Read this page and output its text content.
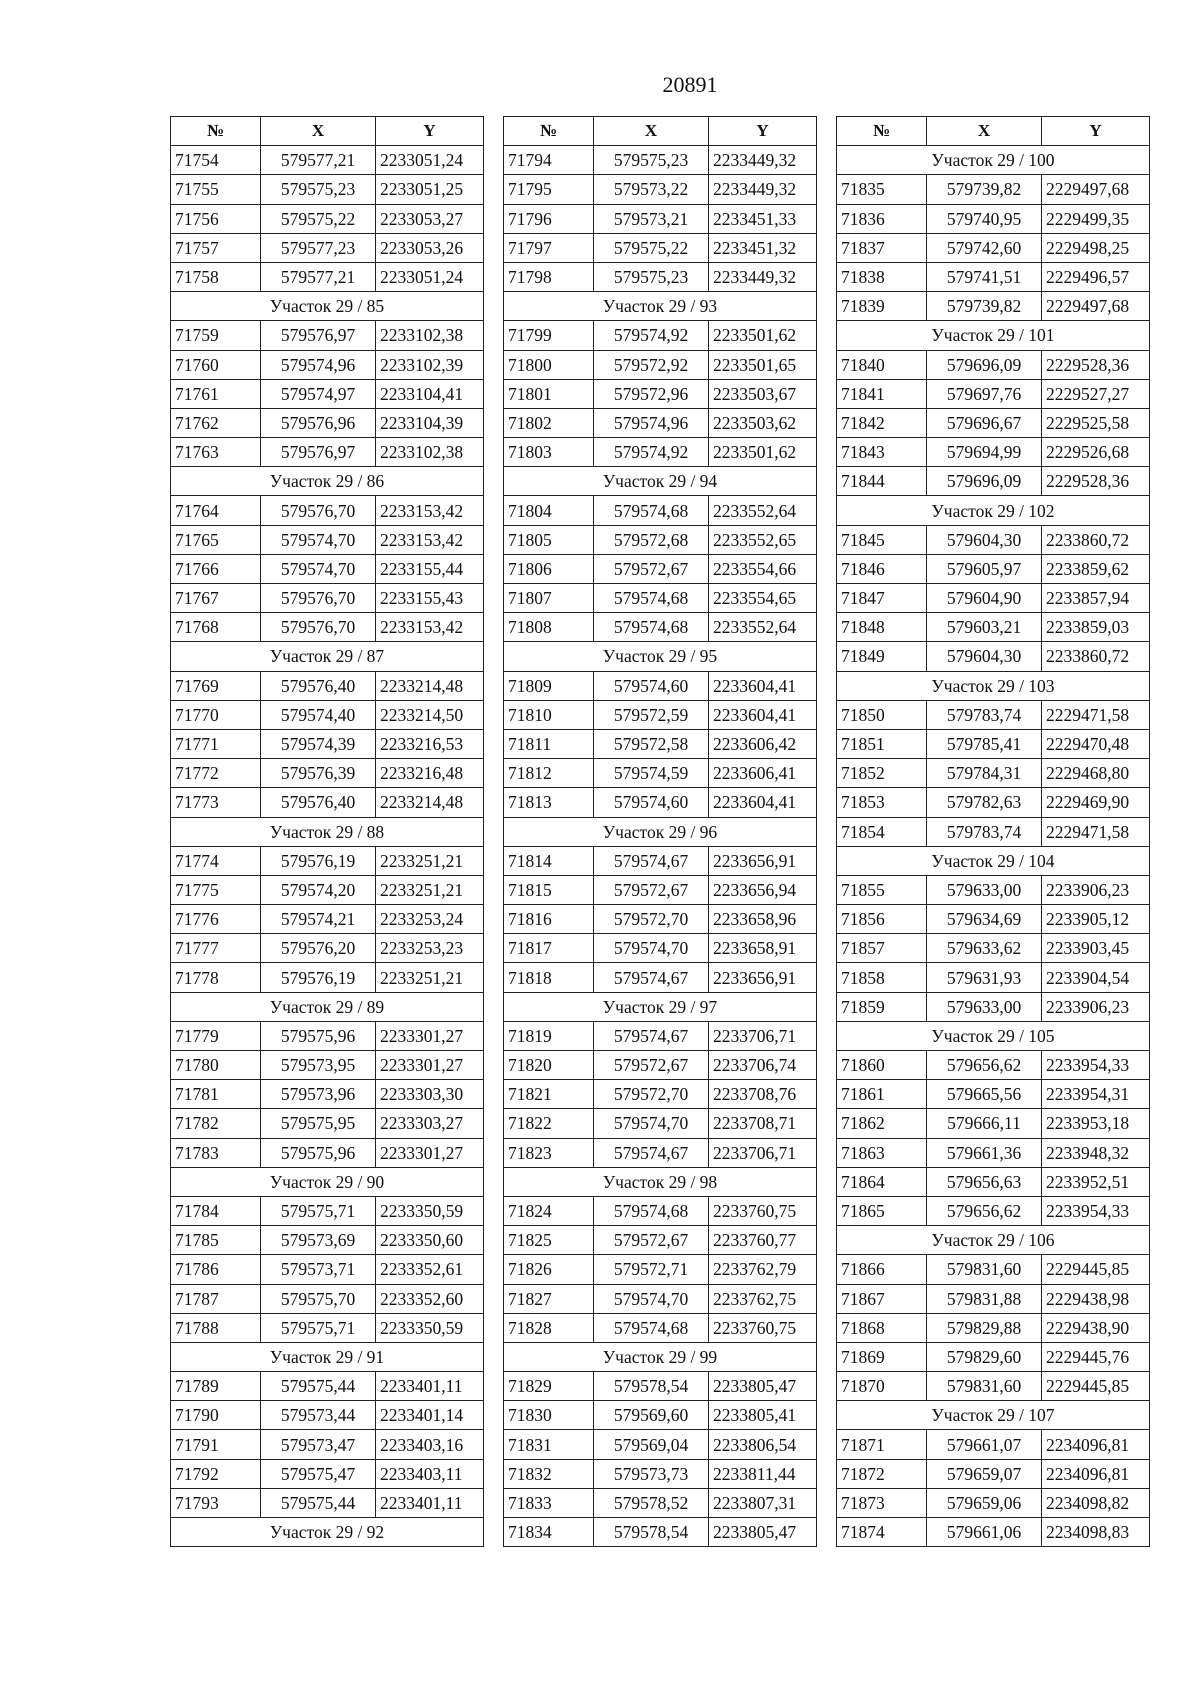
20891
№	X	Y
71754	579577,21	2233051,24
71755	579575,23	2233051,25
71756	579575,22	2233053,27
71757	579577,23	2233053,26
71758	579577,21	2233051,24
Участок 29 / 85		
71759	579576,97	2233102,38
71760	579574,96	2233102,39
71761	579574,97	2233104,41
71762	579576,96	2233104,39
71763	579576,97	2233102,38
Участок 29 / 86		
71764	579576,70	2233153,42
71765	579574,70	2233153,42
71766	579574,70	2233155,44
71767	579576,70	2233155,43
71768	579576,70	2233153,42
Участок 29 / 87		
71769	579576,40	2233214,48
71770	579574,40	2233214,50
71771	579574,39	2233216,53
71772	579576,39	2233216,48
71773	579576,40	2233214,48
Участок 29 / 88		
71774	579576,19	2233251,21
71775	579574,20	2233251,21
71776	579574,21	2233253,24
71777	579576,20	2233253,23
71778	579576,19	2233251,21
Участок 29 / 89		
71779	579575,96	2233301,27
71780	579573,95	2233301,27
71781	579573,96	2233303,30
71782	579575,95	2233303,27
71783	579575,96	2233301,27
Участок 29 / 90		
71784	579575,71	2233350,59
71785	579573,69	2233350,60
71786	579573,71	2233352,61
71787	579575,70	2233352,60
71788	579575,71	2233350,59
Участок 29 / 91		
71789	579575,44	2233401,11
71790	579573,44	2233401,14
71791	579573,47	2233403,16
71792	579575,47	2233403,11
71793	579575,44	2233401,11
Участок 29 / 92		
№	X	Y
71794	579575,23	2233449,32
71795	579573,22	2233449,32
71796	579573,21	2233451,33
71797	579575,22	2233451,32
71798	579575,23	2233449,32
Участок 29 / 93		
71799	579574,92	2233501,62
71800	579572,92	2233501,65
71801	579572,96	2233503,67
71802	579574,96	2233503,62
71803	579574,92	2233501,62
Участок 29 / 94		
71804	579574,68	2233552,64
71805	579572,68	2233552,65
71806	579572,67	2233554,66
71807	579574,68	2233554,65
71808	579574,68	2233552,64
Участок 29 / 95		
71809	579574,60	2233604,41
71810	579572,59	2233604,41
71811	579572,58	2233606,42
71812	579574,59	2233606,41
71813	579574,60	2233604,41
Участок 29 / 96		
71814	579574,67	2233656,91
71815	579572,67	2233656,94
71816	579572,70	2233658,96
71817	579574,70	2233658,91
71818	579574,67	2233656,91
Участок 29 / 97		
71819	579574,67	2233706,71
71820	579572,67	2233706,74
71821	579572,70	2233708,76
71822	579574,70	2233708,71
71823	579574,67	2233706,71
Участок 29 / 98		
71824	579574,68	2233760,75
71825	579572,67	2233760,77
71826	579572,71	2233762,79
71827	579574,70	2233762,75
71828	579574,68	2233760,75
Участок 29 / 99		
71829	579578,54	2233805,47
71830	579569,60	2233805,41
71831	579569,04	2233806,54
71832	579573,73	2233811,44
71833	579578,52	2233807,31
71834	579578,54	2233805,47
№	X	Y
Участок 29 / 100		
71835	579739,82	2229497,68
71836	579740,95	2229499,35
71837	579742,60	2229498,25
71838	579741,51	2229496,57
71839	579739,82	2229497,68
Участок 29 / 101		
71840	579696,09	2229528,36
71841	579697,76	2229527,27
71842	579696,67	2229525,58
71843	579694,99	2229526,68
71844	579696,09	2229528,36
Участок 29 / 102		
71845	579604,30	2233860,72
71846	579605,97	2233859,62
71847	579604,90	2233857,94
71848	579603,21	2233859,03
71849	579604,30	2233860,72
Участок 29 / 103		
71850	579783,74	2229471,58
71851	579785,41	2229470,48
71852	579784,31	2229468,80
71853	579782,63	2229469,90
71854	579783,74	2229471,58
Участок 29 / 104		
71855	579633,00	2233906,23
71856	579634,69	2233905,12
71857	579633,62	2233903,45
71858	579631,93	2233904,54
71859	579633,00	2233906,23
Участок 29 / 105		
71860	579656,62	2233954,33
71861	579665,56	2233954,31
71862	579666,11	2233953,18
71863	579661,36	2233948,32
71864	579656,63	2233952,51
71865	579656,62	2233954,33
Участок 29 / 106		
71866	579831,60	2229445,85
71867	579831,88	2229438,98
71868	579829,88	2229438,90
71869	579829,60	2229445,76
71870	579831,60	2229445,85
Участок 29 / 107		
71871	579661,07	2234096,81
71872	579659,07	2234096,81
71873	579659,06	2234098,82
71874	579661,06	2234098,83
